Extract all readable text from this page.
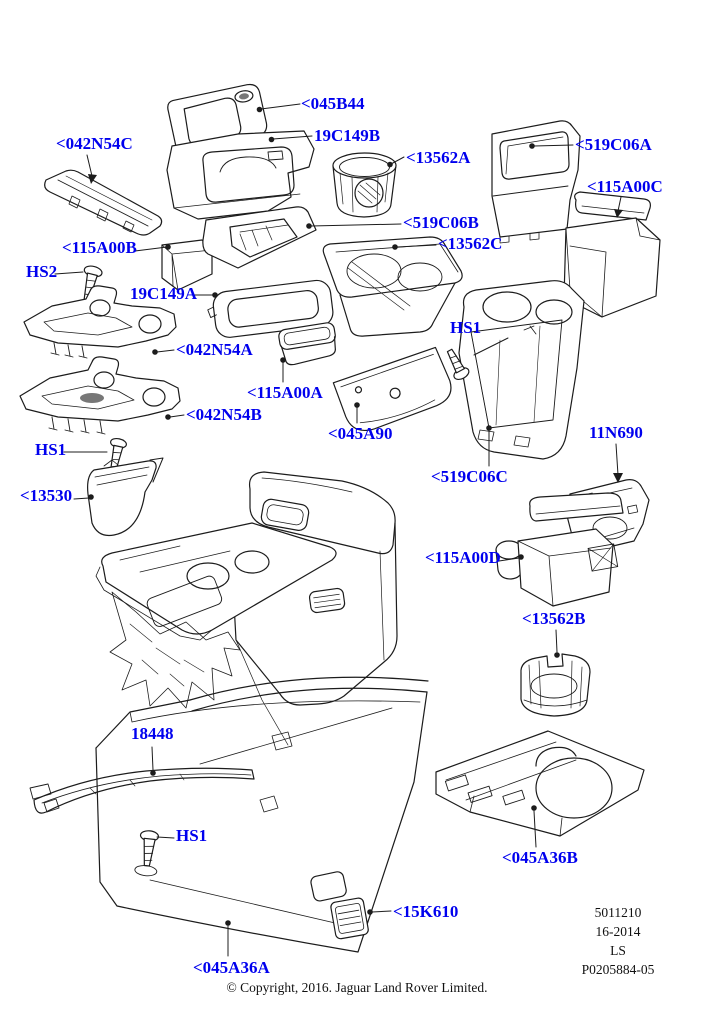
<045B44
19C149B
<13562A
<042N54C	<519C06A
<115A00C
<115A00B
<519C06B
<13562C
HS2
19C149A
HS1
<042N54A
<115A00A
<042N54B
<045A90	11N690
HS1
<13530
<519C06C
<115A00D
<13562B
18448
HS1
<045A36B
<15K610
<045A36A
5011210
16-2014
LS
P0205884-05
© Copyright, 2016. Jaguar Land Rover Limited.
